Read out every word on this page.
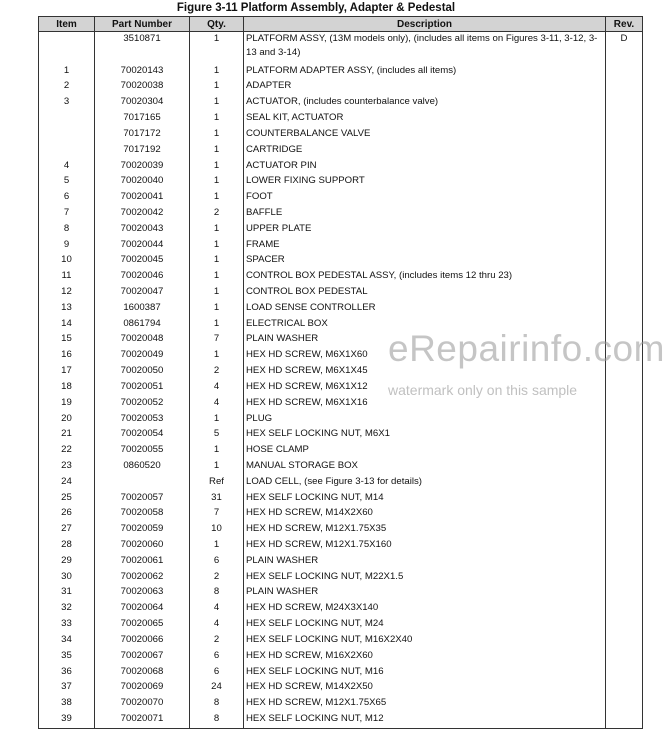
Figure 3-11 Platform Assembly, Adapter & Pedestal
Item	Part Number	Qty.	Description	Rev.
	3510871	1	PLATFORM ASSY, (13M models only), (includes all items on Figures 3-11, 3-12, 3-13 and 3-14)	D
1	70020143	1	PLATFORM ADAPTER ASSY, (includes all items)	
2	70020038	1	ADAPTER	
3	70020304	1	ACTUATOR, (includes counterbalance valve)	
	7017165	1	SEAL KIT, ACTUATOR	
	7017172	1	COUNTERBALANCE VALVE	
	7017192	1	CARTRIDGE	
4	70020039	1	ACTUATOR PIN	
5	70020040	1	LOWER FIXING SUPPORT	
6	70020041	1	FOOT	
7	70020042	2	BAFFLE	
8	70020043	1	UPPER PLATE	
9	70020044	1	FRAME	
10	70020045	1	SPACER	
11	70020046	1	CONTROL BOX PEDESTAL ASSY, (includes items 12 thru 23)	
12	70020047	1	CONTROL BOX PEDESTAL	
13	1600387	1	LOAD SENSE CONTROLLER	
14	0861794	1	ELECTRICAL BOX	
15	70020048	7	PLAIN WASHER	
16	70020049	1	HEX HD SCREW, M6X1X60	
17	70020050	2	HEX HD SCREW, M6X1X45	
18	70020051	4	HEX HD SCREW, M6X1X12	
19	70020052	4	HEX HD SCREW, M6X1X16	
20	70020053	1	PLUG	
21	70020054	5	HEX SELF LOCKING NUT, M6X1	
22	70020055	1	HOSE CLAMP	
23	0860520	1	MANUAL STORAGE BOX	
24		Ref	LOAD CELL, (see Figure 3-13 for details)	
25	70020057	31	HEX SELF LOCKING NUT, M14	
26	70020058	7	HEX HD SCREW, M14X2X60	
27	70020059	10	HEX HD SCREW, M12X1.75X35	
28	70020060	1	HEX HD SCREW, M12X1.75X160	
29	70020061	6	PLAIN WASHER	
30	70020062	2	HEX SELF LOCKING NUT, M22X1.5	
31	70020063	8	PLAIN WASHER	
32	70020064	4	HEX HD SCREW, M24X3X140	
33	70020065	4	HEX SELF LOCKING NUT, M24	
34	70020066	2	HEX SELF LOCKING NUT, M16X2X40	
35	70020067	6	HEX HD SCREW, M16X2X60	
36	70020068	6	HEX SELF LOCKING NUT, M16	
37	70020069	24	HEX HD SCREW, M14X2X50	
38	70020070	8	HEX HD SCREW, M12X1.75X65	
39	70020071	8	HEX SELF LOCKING NUT, M12	

eRepairinfo.com
watermark only on this sample
